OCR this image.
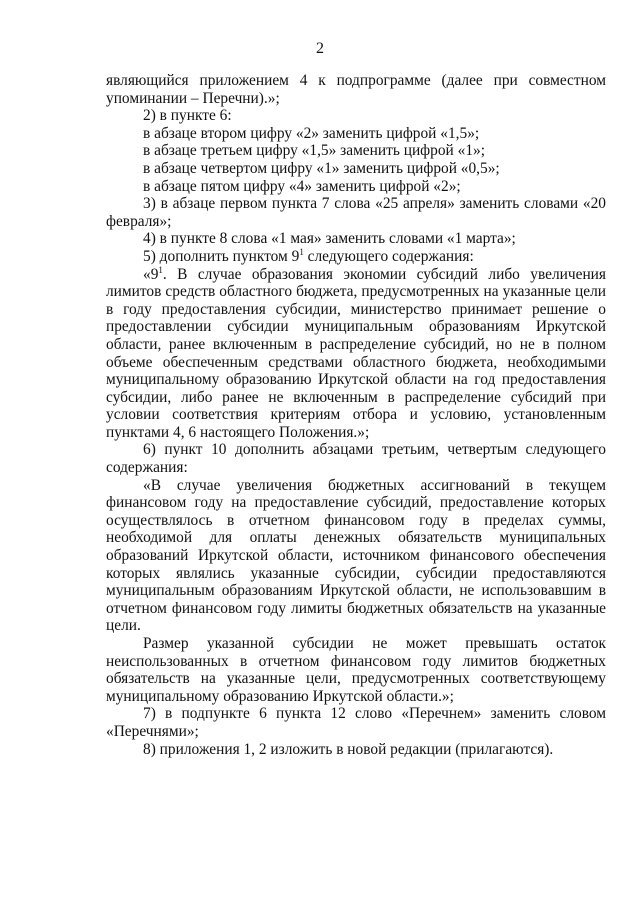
2

являющийся приложением 4 к подпрограмме (далее при совместном упоминании – Перечни).»;

2) в пункте 6:

в абзаце втором цифру «2» заменить цифрой «1,5»;

в абзаце третьем цифру «1,5» заменить цифрой «1»;

в абзаце четвертом цифру «1» заменить цифрой «0,5»;

в абзаце пятом цифру «4» заменить цифрой «2»;

3) в абзаце первом пункта 7 слова «25 апреля» заменить словами «20 февраля»;

4) в пункте 8 слова «1 мая» заменить словами «1 марта»;

5) дополнить пунктом $9^1$ следующего содержания:

«$9^1$. В случае образования экономии субсидий либо увеличения лимитов средств областного бюджета, предусмотренных на указанные цели в году предоставления субсидии, министерство принимает решение о предоставлении субсидии муниципальным образованиям Иркутской области, ранее включенным в распределение субсидий, но не в полном объеме обеспеченным средствами областного бюджета, необходимыми муниципальному образованию Иркутской области на год предоставления субсидии, либо ранее не включенным в распределение субсидий при условии соответствия критериям отбора и условию, установленным пунктами 4, 6 настоящего Положения.»;

6) пункт 10 дополнить абзацами третьим, четвертым следующего содержания:

«В случае увеличения бюджетных ассигнований в текущем финансовом году на предоставление субсидий, предоставление которых осуществлялось в отчетном финансовом году в пределах суммы, необходимой для оплаты денежных обязательств муниципальных образований Иркутской области, источником финансового обеспечения которых являлись указанные субсидии, субсидии предоставляются муниципальным образованиям Иркутской области, не использовавшим в отчетном финансовом году лимиты бюджетных обязательств на указанные цели.

Размер указанной субсидии не может превышать остаток неиспользованных в отчетном финансовом году лимитов бюджетных обязательств на указанные цели, предусмотренных соответствующему муниципальному образованию Иркутской области.»;

7) в подпункте 6 пункта 12 слово «Перечнем» заменить словом «Перечнями»;

8) приложения 1, 2 изложить в новой редакции (прилагаются).
